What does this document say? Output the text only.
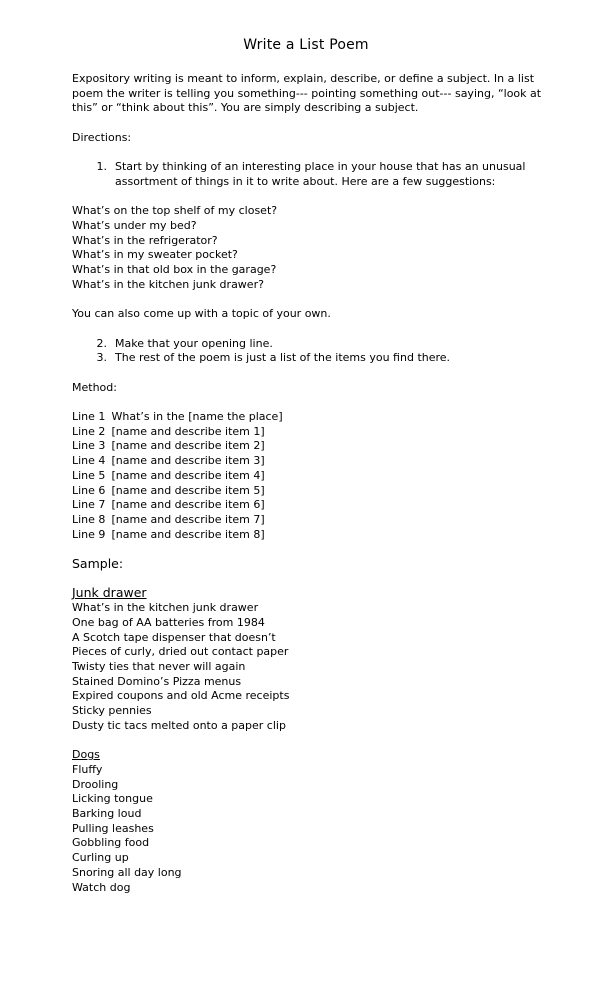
Write a List Poem

Expository writing is meant to inform, explain, describe, or define a subject. In a list poem the writer is telling you something--- pointing something out--- saying, “look at this” or “think about this”. You are simply describing a subject.

Directions:

1. Start by thinking of an interesting place in your house that has an unusual assortment of things in it to write about. Here are a few suggestions:

What’s on the top shelf of my closet?

What’s under my bed?

What’s in the refrigerator?

What’s in my sweater pocket?

What’s in that old box in the garage?

What’s in the kitchen junk drawer?

You can also come up with a topic of your own.

2. Make that your opening line.
3. The rest of the poem is just a list of the items you find there.

Method:

Line 1 What’s in the [name the place]

Line 2 [name and describe item 1]

Line 3 [name and describe item 2]

Line 4 [name and describe item 3]

Line 5 [name and describe item 4]

Line 6 [name and describe item 5]

Line 7 [name and describe item 6]

Line 8 [name and describe item 7]

Line 9 [name and describe item 8]

Sample:

Junk drawer

What’s in the kitchen junk drawer

One bag of AA batteries from 1984

A Scotch tape dispenser that doesn’t

Pieces of curly, dried out contact paper

Twisty ties that never will again

Stained Domino’s Pizza menus

Expired coupons and old Acme receipts

Sticky pennies

Dusty tic tacs melted onto a paper clip

Dogs

Fluffy

Drooling

Licking tongue

Barking loud

Pulling leashes

Gobbling food

Curling up

Snoring all day long

Watch dog
